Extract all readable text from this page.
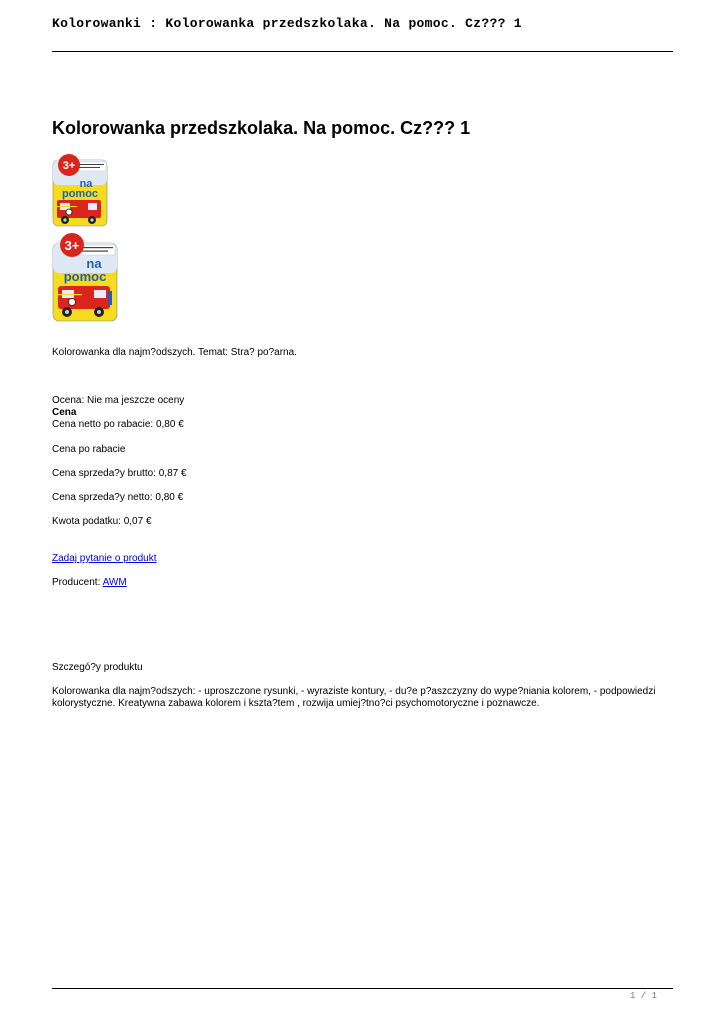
Kolorowanki : Kolorowanka przedszkolaka. Na pomoc. Cz??? 1
Kolorowanka przedszkolaka. Na pomoc. Cz??? 1
3+
na
pomoc
3+
na
pomoc
Kolorowanka dla najm?odszych. Temat: Stra? po?arna.
Ocena: Nie ma jeszcze oceny
Cena
Cena netto po rabacie: 0,80 €
Cena po rabacie
Cena sprzeda?y brutto: 0,87 €
Cena sprzeda?y netto: 0,80 €
Kwota podatku: 0,07 €
Zadaj pytanie o produkt
Producent: AWM
Szczegó?y produktu
Kolorowanka dla najm?odszych: - uproszczone rysunki, - wyraziste kontury, - du?e p?aszczyzny do wype?niania kolorem, - podpowiedzi kolorystyczne. Kreatywna zabawa kolorem i kszta?tem , rozwija umiej?tno?ci psychomotoryczne i poznawcze.
1 / 1
